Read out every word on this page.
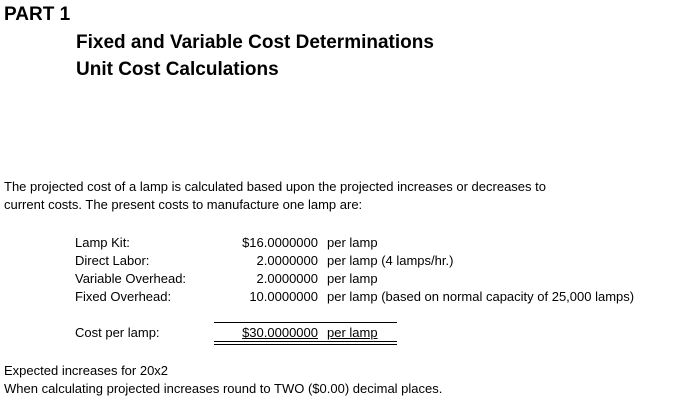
PART 1
Fixed and Variable Cost Determinations
Unit Cost Calculations
The projected cost of a lamp is calculated based upon the projected increases or decreases to
current costs. The present costs to manufacture one lamp are:
Lamp Kit:	$16.0000000 per lamp
Direct Labor:	2.0000000 per lamp (4 lamps/hr.)
Variable Overhead:	2.0000000 per lamp
Fixed Overhead:	10.0000000 per lamp (based on normal capacity of 25,000 lamps)
Cost per lamp:	$30.0000000 per lamp
Expected increases for 20x2
When calculating projected increases round to TWO ($0.00) decimal places.
